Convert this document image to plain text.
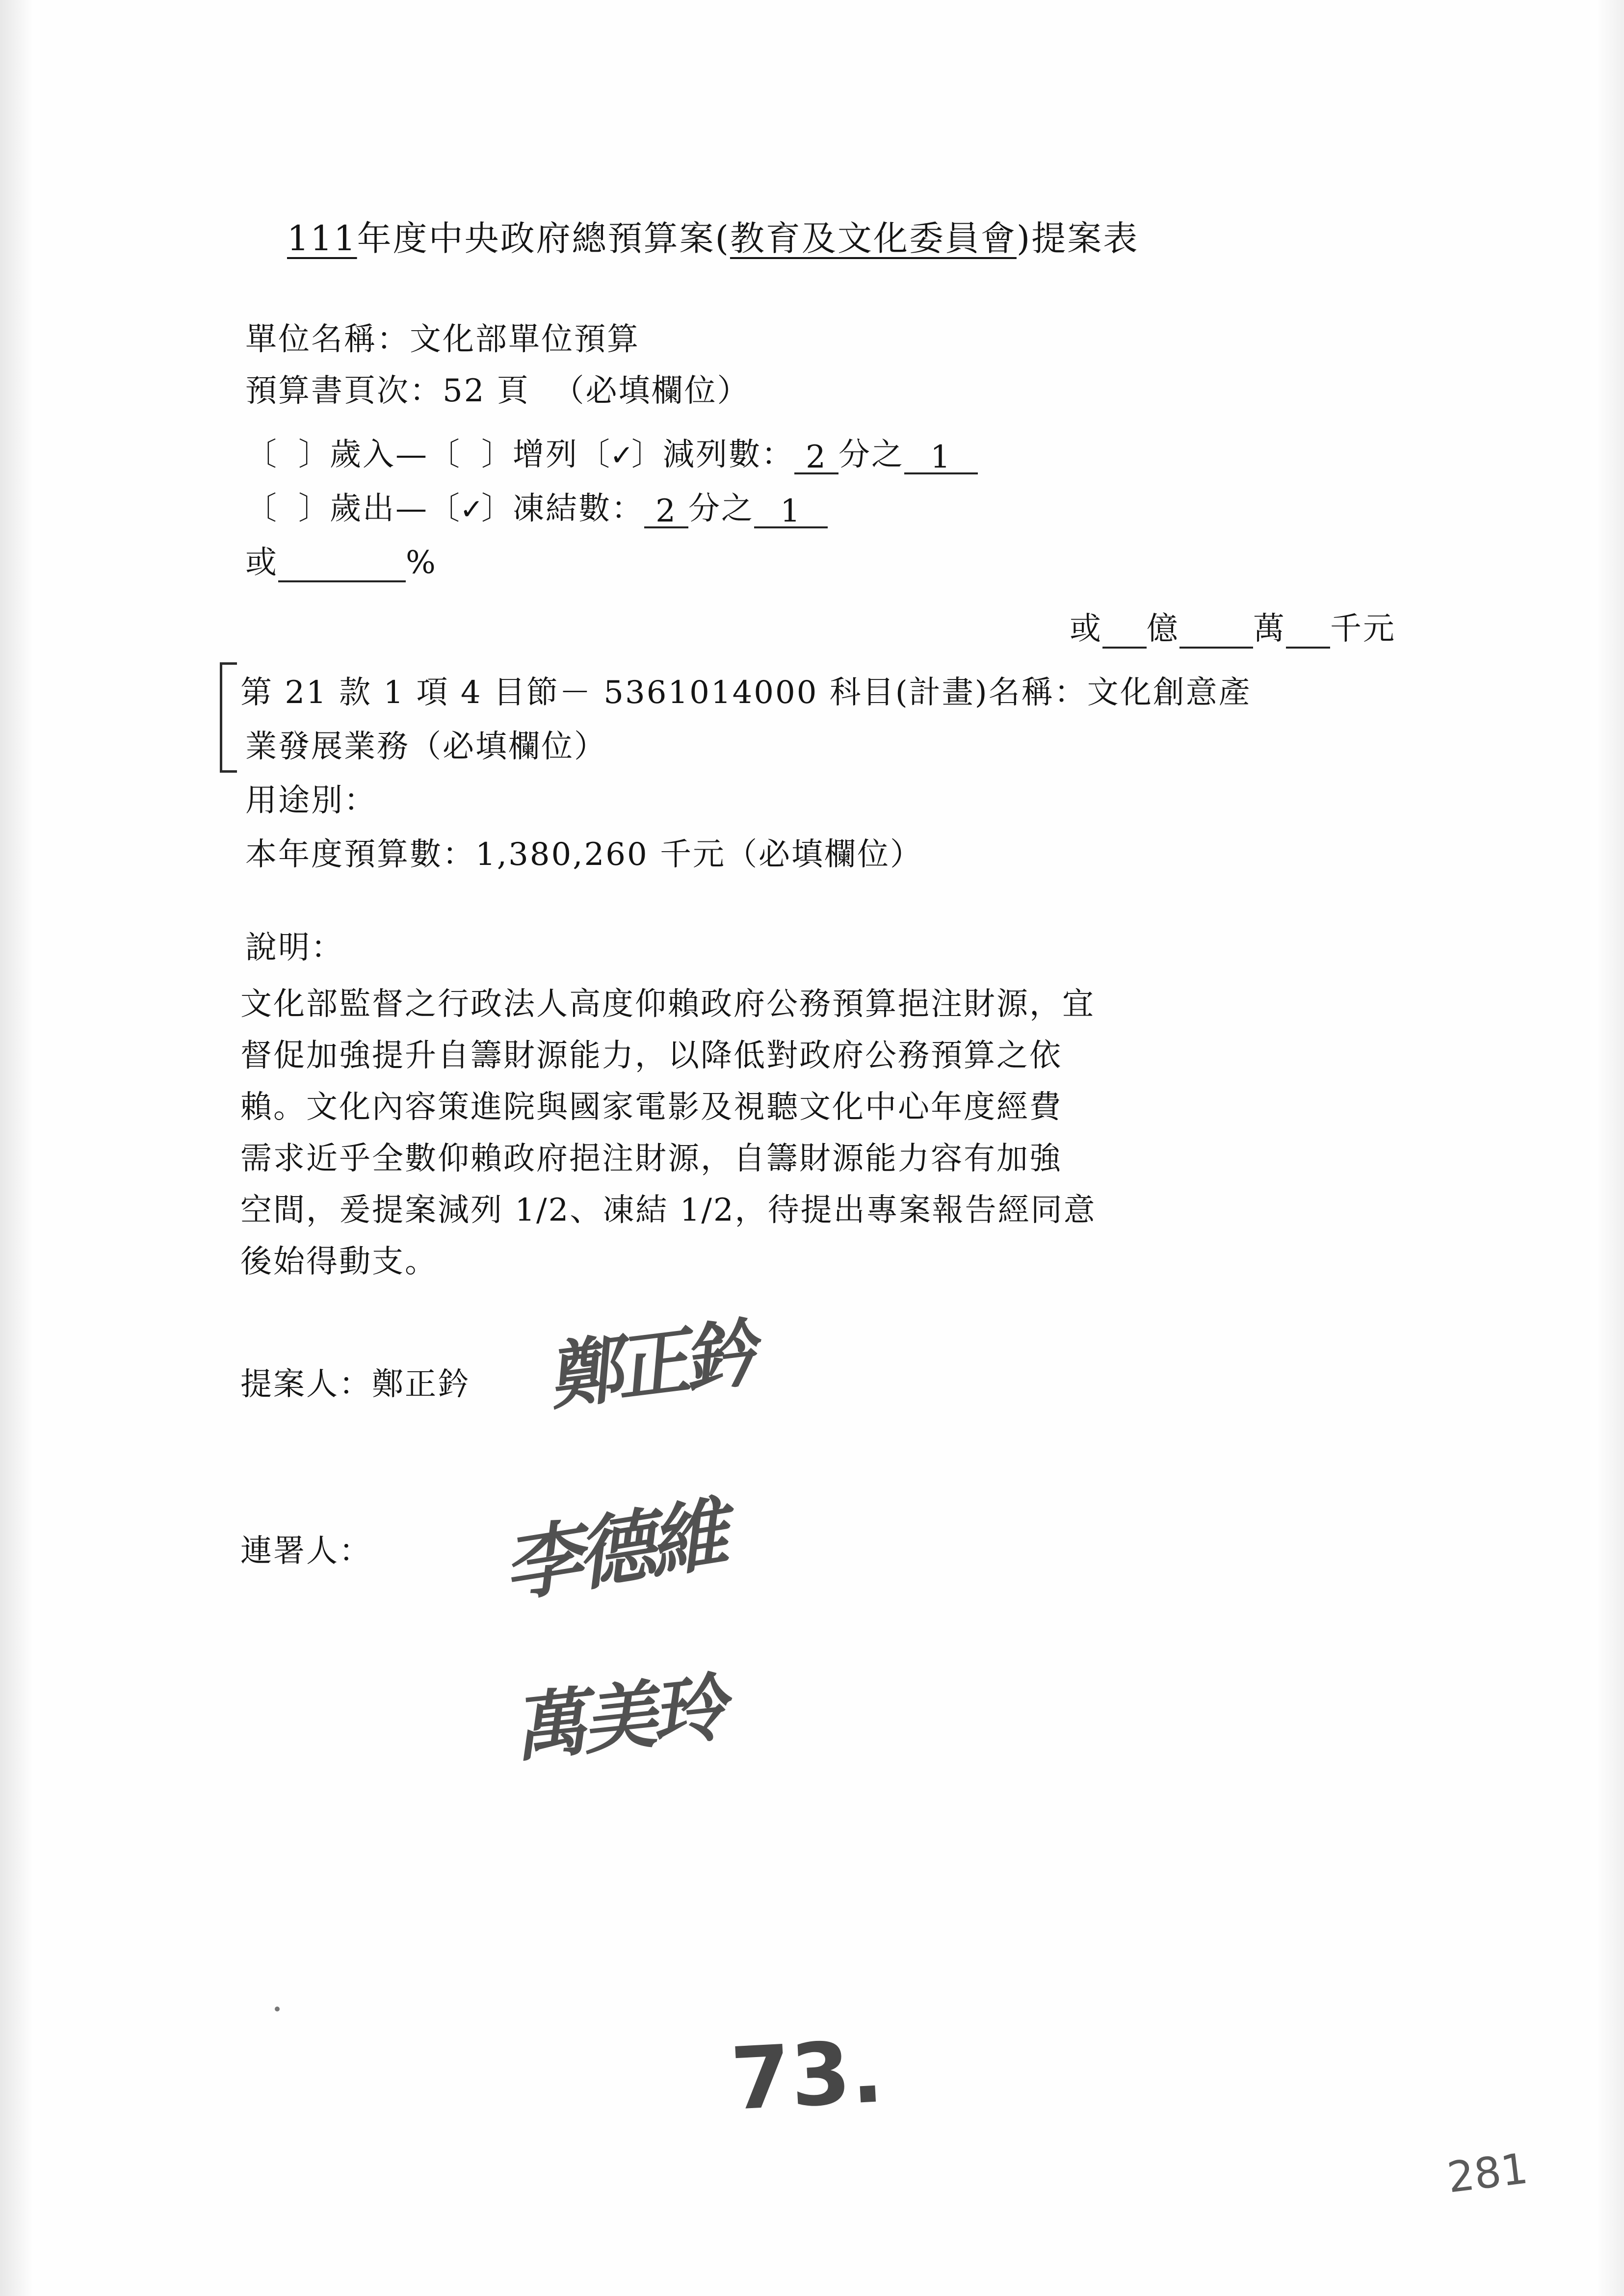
111年度中央政府總預算案(教育及文化委員會)提案表
單位名稱：文化部單位預算
預算書頁次：52 頁 （必填欄位）
〔 〕歲入—〔 〕增列〔✓〕減列數： 2 分之 1
〔 〕歲出—〔✓〕凍結數： 2 分之 1
或	%
或 億 萬 千元
第 21 款 1 項 4 目節－ 5361014000 科目(計畫)名稱：文化創意產
業發展業務（必填欄位）
用途別：
本年度預算數：1,380,260 千元（必填欄位）
說明：
文化部監督之行政法人高度仰賴政府公務預算挹注財源，宜
督促加強提升自籌財源能力，以降低對政府公務預算之依
賴。文化內容策進院與國家電影及視聽文化中心年度經費
需求近乎全數仰賴政府挹注財源，自籌財源能力容有加強
空間，爰提案減列 1/2、凍結 1/2，待提出專案報告經同意
後始得動支。
提案人：鄭正鈐
連署人：
鄭正鈐
李德維
萬美玲
73.
281
